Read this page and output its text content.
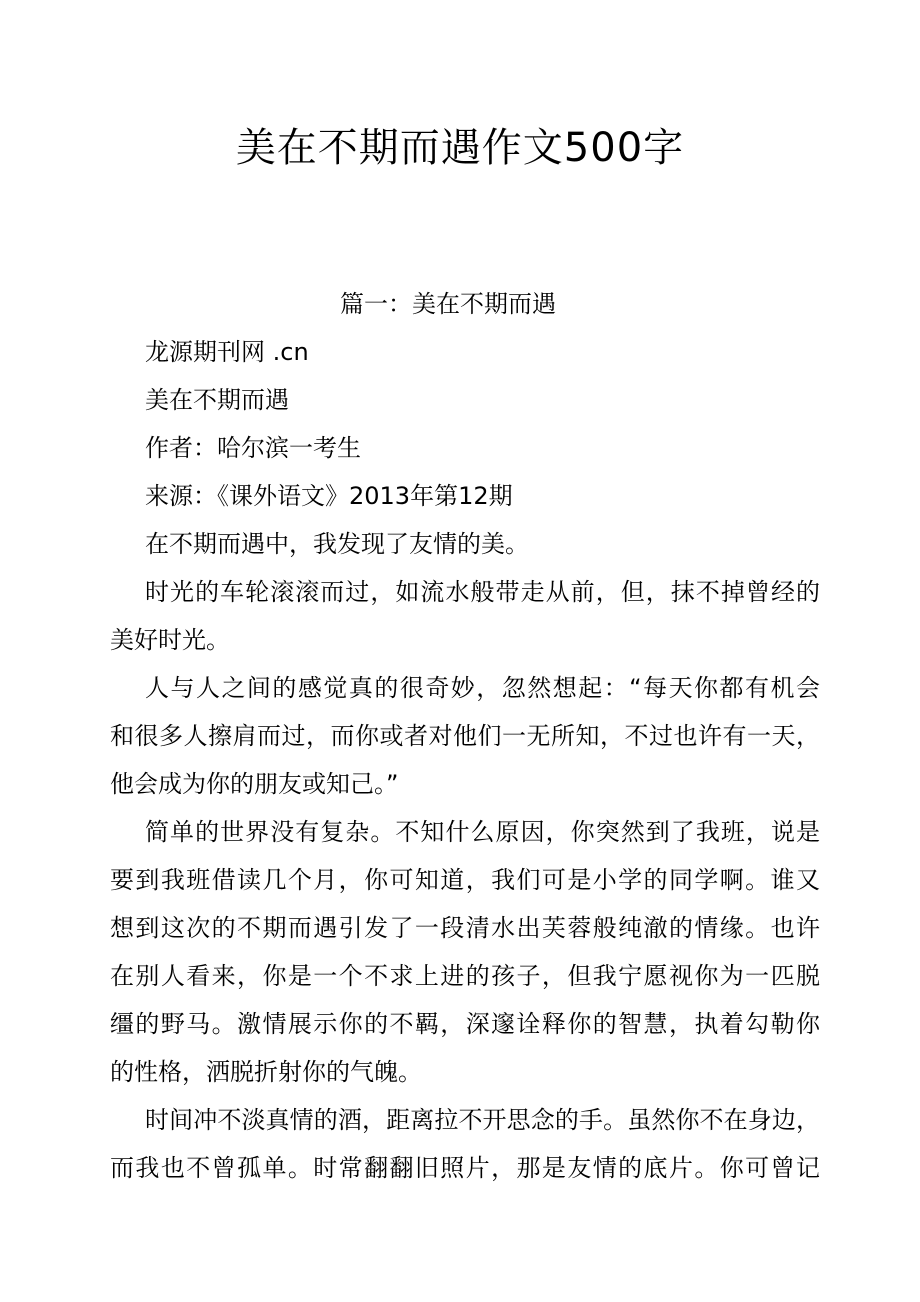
美在不期而遇作文500字

篇一：美在不期而遇

龙源期刊网 .cn

美在不期而遇

作者：哈尔滨一考生

来源：《课外语文》2013年第12期

在不期而遇中，我发现了友情的美。

时光的车轮滚滚而过，如流水般带走从前，但，抹不掉曾经的

美好时光。

人与人之间的感觉真的很奇妙，忽然想起：“每天你都有机会

和很多人擦肩而过，而你或者对他们一无所知，不过也许有一天，

他会成为你的朋友或知己。”

简单的世界没有复杂。不知什么原因，你突然到了我班，说是

要到我班借读几个月，你可知道，我们可是小学的同学啊。谁又

想到这次的不期而遇引发了一段清水出芙蓉般纯澈的情缘。也许

在别人看来，你是一个不求上进的孩子，但我宁愿视你为一匹脱

缰的野马。激情展示你的不羁，深邃诠释你的智慧，执着勾勒你

的性格，洒脱折射你的气魄。

时间冲不淡真情的酒，距离拉不开思念的手。虽然你不在身边，

而我也不曾孤单。时常翻翻旧照片，那是友情的底片。你可曾记
